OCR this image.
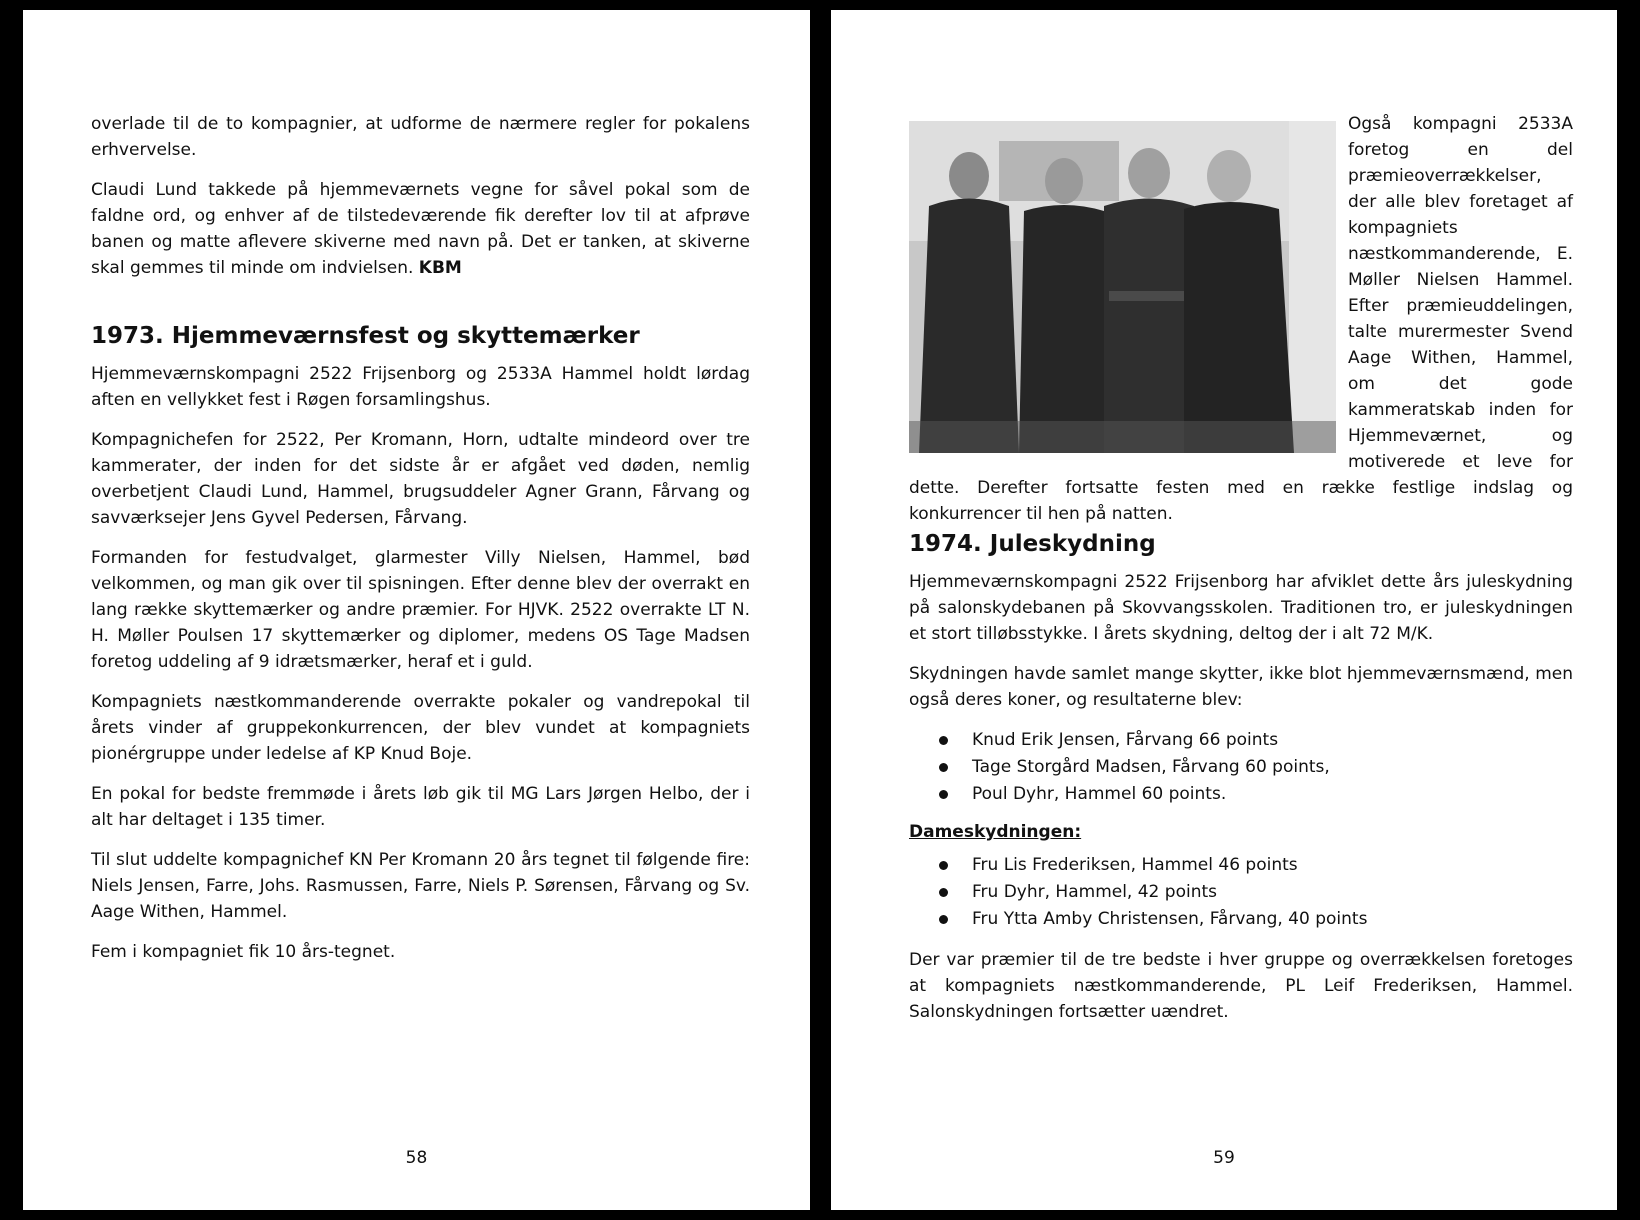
overlade til de to kompagnier, at udforme de nærmere regler for pokalens erhvervelse.

Claudi Lund takkede på hjemmeværnets vegne for såvel pokal som de faldne ord, og enhver af de tilstedeværende fik derefter lov til at afprøve banen og matte aflevere skiverne med navn på. Det er tanken, at skiverne skal gemmes til minde om indvielsen. KBM

1973. Hjemmeværnsfest og skyttemærker

Hjemmeværnskompagni 2522 Frijsenborg og 2533A Hammel holdt lørdag aften en vellykket fest i Røgen forsamlingshus.

Kompagnichefen for 2522, Per Kromann, Horn, udtalte mindeord over tre kammerater, der inden for det sidste år er afgået ved døden, nemlig overbetjent Claudi Lund, Hammel, brugsuddeler Agner Grann, Fårvang og savværksejer Jens Gyvel Pedersen, Fårvang.

Formanden for festudvalget, glarmester Villy Nielsen, Hammel, bød velkommen, og man gik over til spisningen. Efter denne blev der overrakt en lang række skyttemærker og andre præmier. For HJVK. 2522 overrakte LT N. H. Møller Poulsen 17 skyttemærker og diplomer, medens OS Tage Madsen foretog uddeling af 9 idrætsmærker, heraf et i guld.

Kompagniets næstkommanderende overrakte pokaler og vandrepokal til årets vinder af gruppekonkurrencen, der blev vundet at kompagniets pionérgruppe under ledelse af KP Knud Boje.

En pokal for bedste fremmøde i årets løb gik til MG Lars Jørgen Helbo, der i alt har deltaget i 135 timer.

Til slut uddelte kompagnichef KN Per Kromann 20 års tegnet til følgende fire: Niels Jensen, Farre, Johs. Rasmussen, Farre, Niels P. Sørensen, Fårvang og Sv. Aage Withen, Hammel.

Fem i kompagniet fik 10 års-tegnet.

58

Også kompagni 2533A foretog en del præmieoverrækkelser, der alle blev foretaget af kompagniets næstkommanderende, E. Møller Nielsen Hammel. Efter præmieuddelingen, talte murermester Svend Aage Withen, Hammel, om det gode kammeratskab inden for Hjemmeværnet, og motiverede et leve for dette. Derefter fortsatte festen med en række festlige indslag og konkurrencer til hen på natten.

1974. Juleskydning

Hjemmeværnskompagni 2522 Frijsenborg har afviklet dette års juleskydning på salonskydebanen på Skovvangsskolen. Traditionen tro, er juleskydningen et stort tilløbsstykke. I årets skydning, deltog der i alt 72 M/K.

Skydningen havde samlet mange skytter, ikke blot hjemmeværnsmænd, men også deres koner, og resultaterne blev:

Knud Erik Jensen, Fårvang 66 points
Tage Storgård Madsen, Fårvang 60 points,
Poul Dyhr, Hammel 60 points.
Dameskydningen:
Fru Lis Frederiksen, Hammel 46 points
Fru Dyhr, Hammel, 42 points
Fru Ytta Amby Christensen, Fårvang, 40 points

Der var præmier til de tre bedste i hver gruppe og overrækkelsen foretoges at kompagniets næstkommanderende, PL Leif Frederiksen, Hammel. Salonskydningen fortsætter uændret.

59
